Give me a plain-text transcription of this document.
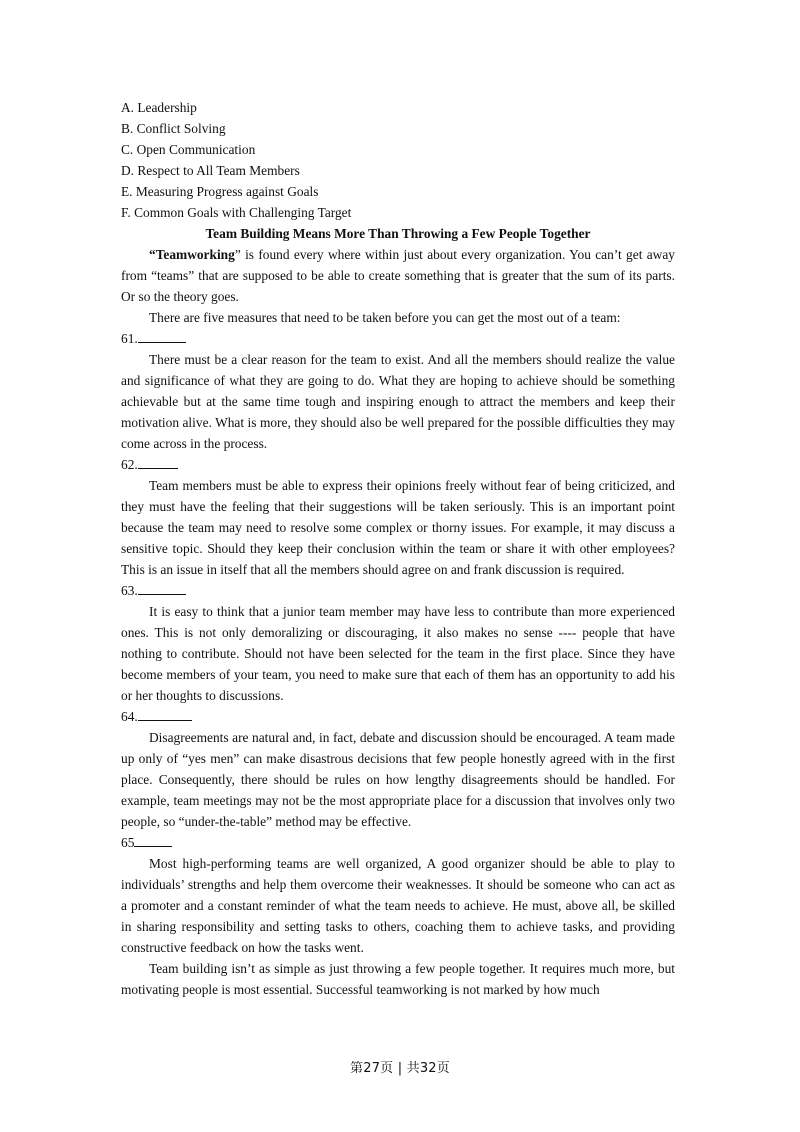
A. Leadership
B. Conflict Solving
C. Open Communication
D. Respect to All Team Members
E. Measuring Progress against Goals
F. Common Goals with Challenging Target
Team Building Means More Than Throwing a Few People Together

“Teamworking” is found every where within just about every organization. You can’t get away from “teams” that are supposed to be able to create something that is greater that the sum of its parts. Or so the theory goes.

There are five measures that need to be taken before you can get the most out of a team:

61.

There must be a clear reason for the team to exist. And all the members should realize the value and significance of what they are going to do. What they are hoping to achieve should be something achievable but at the same time tough and inspiring enough to attract the members and keep their motivation alive. What is more, they should also be well prepared for the possible difficulties they may come across in the process.

62.

Team members must be able to express their opinions freely without fear of being criticized, and they must have the feeling that their suggestions will be taken seriously. This is an important point because the team may need to resolve some complex or thorny issues. For example, it may discuss a sensitive topic. Should they keep their conclusion within the team or share it with other employees? This is an issue in itself that all the members should agree on and frank discussion is required.

63.

It is easy to think that a junior team member may have less to contribute than more experienced ones. This is not only demoralizing or discouraging, it also makes no sense ---- people that have nothing to contribute. Should not have been selected for the team in the first place. Since they have become members of your team, you need to make sure that each of them has an opportunity to add his or her thoughts to discussions.

64.

Disagreements are natural and, in fact, debate and discussion should be encouraged. A team made up only of “yes men” can make disastrous decisions that few people honestly agreed with in the first place. Consequently, there should be rules on how lengthy disagreements should be handled. For example, team meetings may not be the most appropriate place for a discussion that involves only two people, so “under-the-table” method may be effective.

65

Most high-performing teams are well organized, A good organizer should be able to play to individuals’ strengths and help them overcome their weaknesses. It should be someone who can act as a promoter and a constant reminder of what the team needs to achieve. He must, above all, be skilled in sharing responsibility and setting tasks to others, coaching them to achieve tasks, and providing constructive feedback on how the tasks went.

Team building isn’t as simple as just throwing a few people together. It requires much more, but motivating people is most essential. Successful teamworking is not marked by how much

第27页 | 共32页
